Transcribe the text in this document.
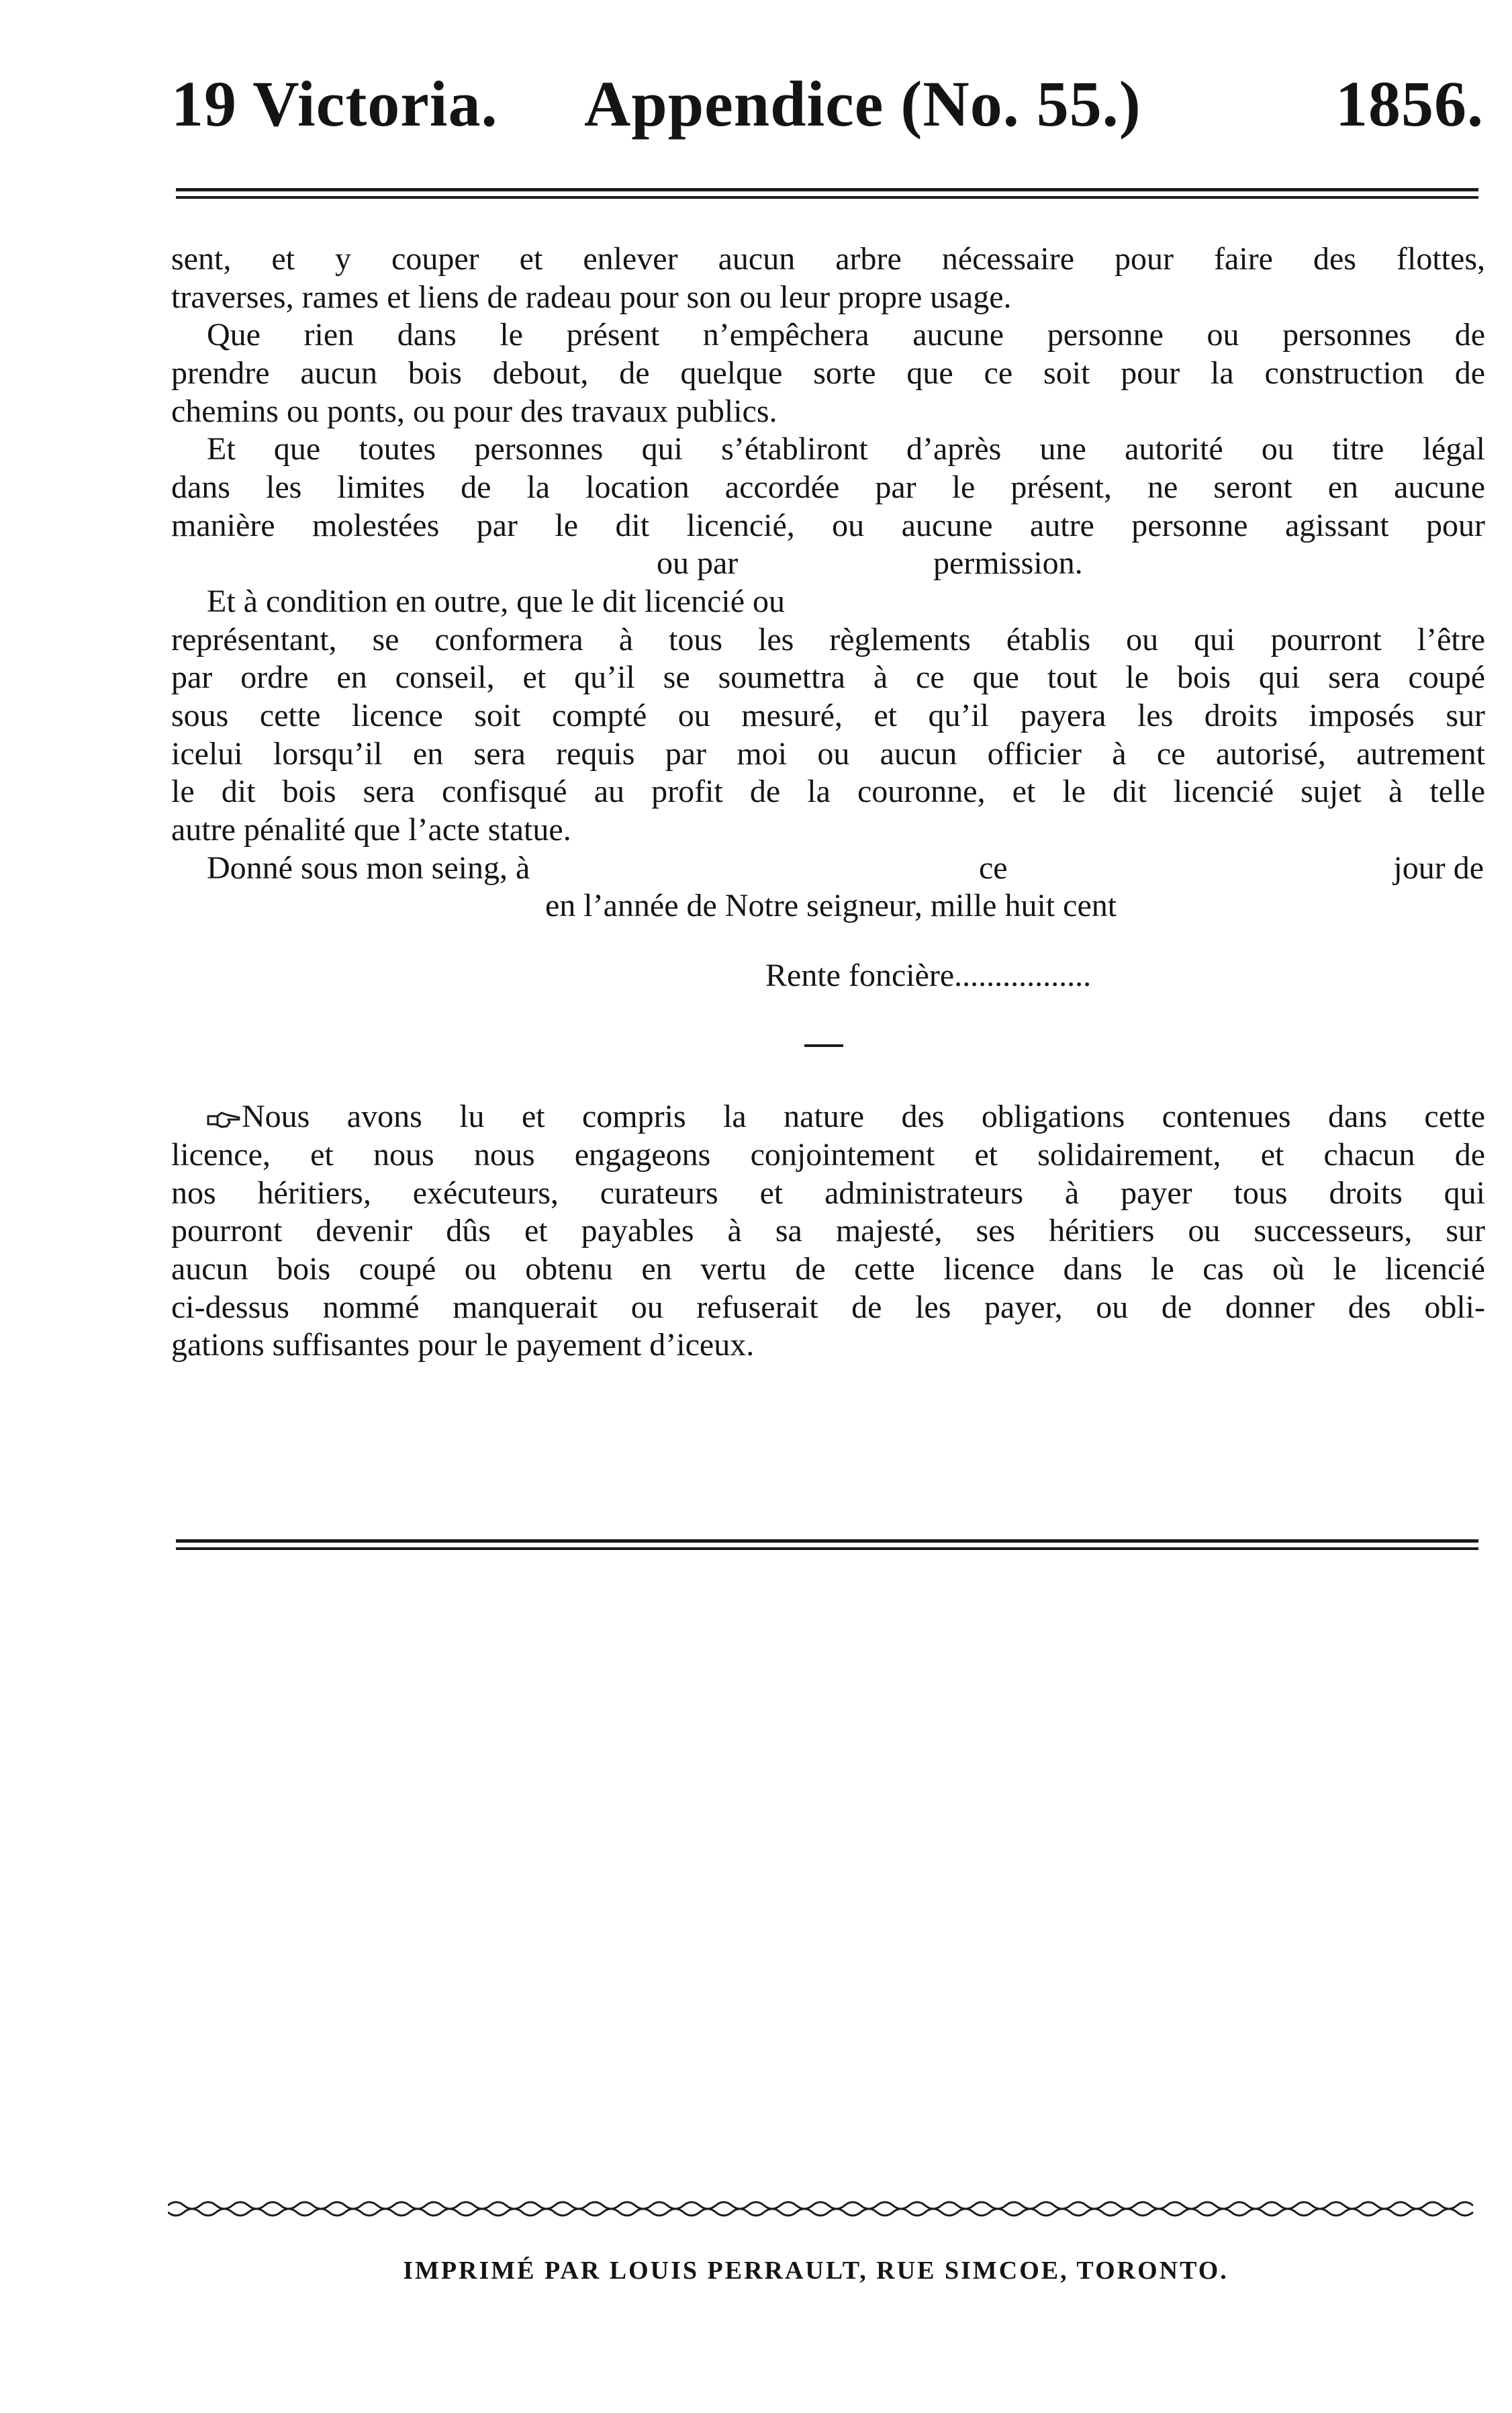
19 Victoria. Appendice (No. 55.)	1856.
sent, et y couper et enlever aucun arbre nécessaire pour faire des flottes,
traverses, rames et liens de radeau pour son ou leur propre usage.
Que rien dans le présent n’empêchera aucune personne ou personnes de
prendre aucun bois debout, de quelque sorte que ce soit pour la construction de
chemins ou ponts, ou pour des travaux publics.
Et que toutes personnes qui s’établiront d’après une autorité ou titre légal
dans les limites de la location accordée par le présent, ne seront en aucune
manière molestées par le dit licencié, ou aucune autre personne agissant pour
ou par	permission.
Et à condition en outre, que le dit licencié ou
représentant, se conformera à tous les règlements établis ou qui pourront l’être
par ordre en conseil, et qu’il se soumettra à ce que tout le bois qui sera coupé
sous cette licence soit compté ou mesuré, et qu’il payera les droits imposés sur
icelui lorsqu’il en sera requis par moi ou aucun officier à ce autorisé, autrement
le dit bois sera confisqué au profit de la couronne, et le dit licencié sujet à telle
autre pénalité que l’acte statue.
Donné sous mon seing, à	ce	jour de
en l’année de Notre seigneur, mille huit cent
Rente foncière.................
Nous avons lu et compris la nature des obligations contenues dans cette
licence, et nous nous engageons conjointement et solidairement, et chacun de
nos héritiers, exécuteurs, curateurs et administrateurs à payer tous droits qui
pourront devenir dûs et payables à sa majesté, ses héritiers ou successeurs, sur
aucun bois coupé ou obtenu en vertu de cette licence dans le cas où le licencié
ci-dessus nommé manquerait ou refuserait de les payer, ou de donner des obli-
gations suffisantes pour le payement d’iceux.
IMPRIMÉ PAR LOUIS PERRAULT, RUE SIMCOE, TORONTO.
